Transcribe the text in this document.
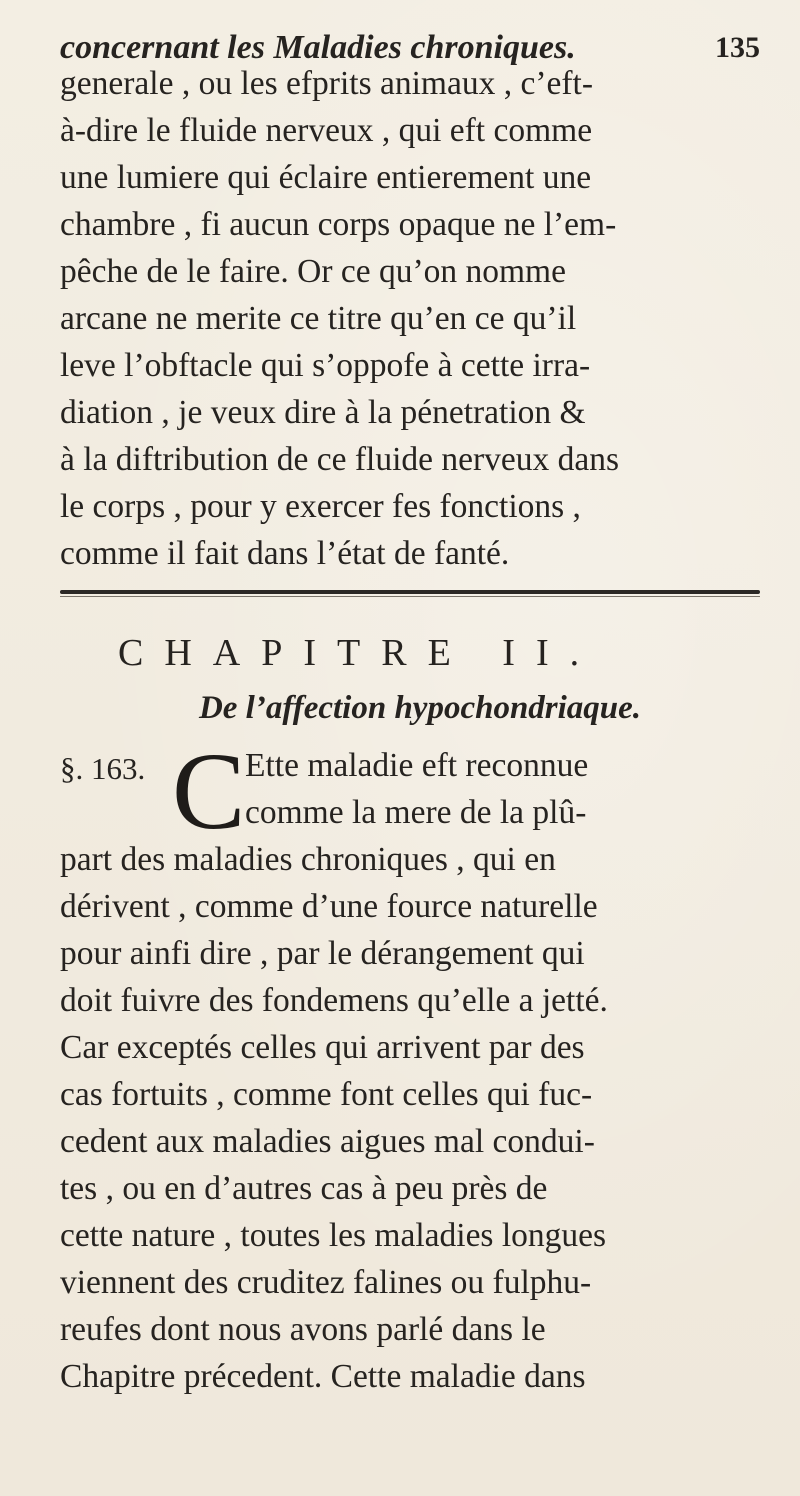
concernant les Maladies chroniques.	135
generale , ou les efprits animaux , c’eft-
à-dire le fluide nerveux , qui eft comme
une lumiere qui éclaire entierement une
chambre , fi aucun corps opaque ne l’em-
pêche de le faire. Or ce qu’on nomme
arcane ne merite ce titre qu’en ce qu’il
leve l’obftacle qui s’oppofe à cette irra-
diation , je veux dire à la pénetration &
à la diftribution de ce fluide nerveux dans
le corps , pour y exercer fes fonctions ,
comme il fait dans l’état de fanté.
CHAPITRE II.
De l’affection hypochondriaque.
§. 163. C Ette maladie eft reconnue
comme la mere de la plû-
part des maladies chroniques , qui en
dérivent , comme d’une fource naturelle
pour ainfi dire , par le dérangement qui
doit fuivre des fondemens qu’elle a jetté.
Car exceptés celles qui arrivent par des
cas fortuits , comme font celles qui fuc-
cedent aux maladies aigues mal condui-
tes , ou en d’autres cas à peu près de
cette nature , toutes les maladies longues
viennent des cruditez falines ou fulphu-
reufes dont nous avons parlé dans le
Chapitre précedent. Cette maladie dans
